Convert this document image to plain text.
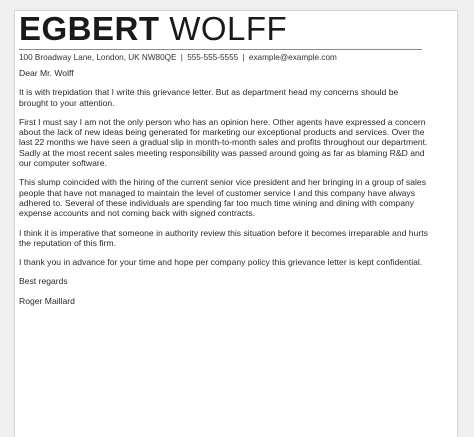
EGBERT WOLFF
100 Broadway Lane, London, UK NW80QE | 555-555-5555 | example@example.com

Dear Mr. Wolff

It is with trepidation that I write this grievance letter. But as department head my concerns should be brought to your attention.

First I must say I am not the only person who has an opinion here. Other agents have expressed a concern about the lack of new ideas being generated for marketing our exceptional products and services. Over the last 22 months we have seen a gradual slip in month-to-month sales and profits throughout our department. Sadly at the most recent sales meeting responsibility was passed around going as far as blaming R&D and our computer software.

This slump coincided with the hiring of the current senior vice president and her bringing in a group of sales people that have not managed to maintain the level of customer service I and this company have always adhered to. Several of these individuals are spending far too much time wining and dining with company expense accounts and not coming back with signed contracts.

I think it is imperative that someone in authority review this situation before it becomes irreparable and hurts the reputation of this firm.

I thank you in advance for your time and hope per company policy this grievance letter is kept confidential.

Best regards

Roger Maillard
